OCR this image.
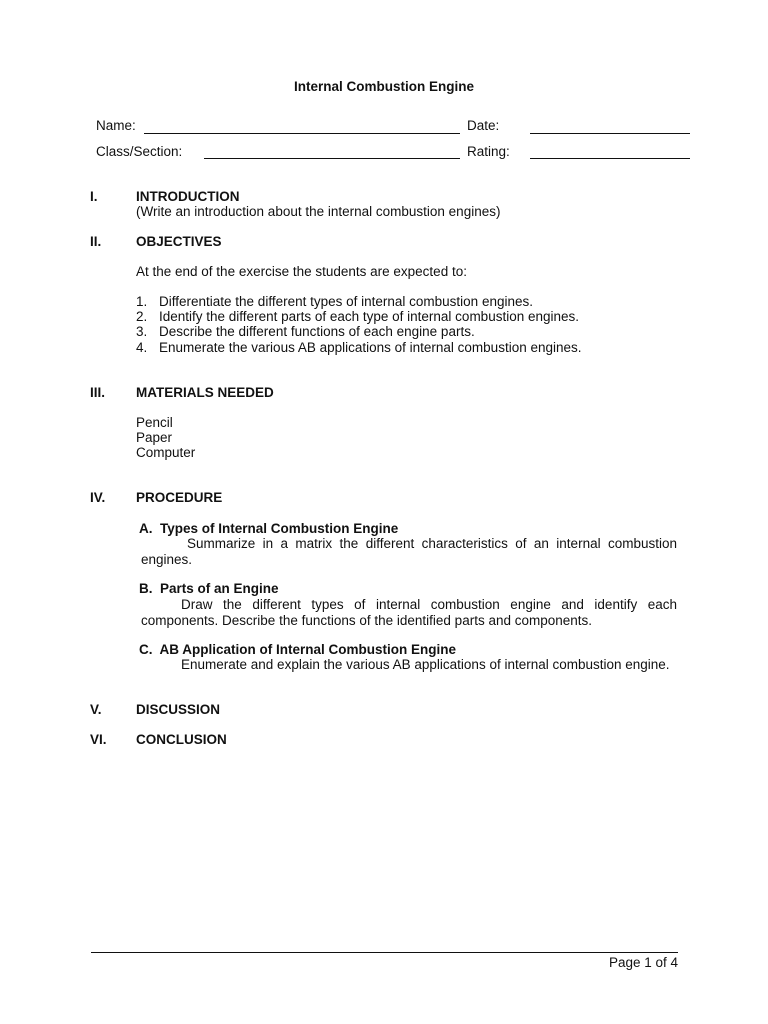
Internal Combustion Engine
Name:	Date:
Class/Section:	Rating:
I.	INTRODUCTION
(Write an introduction about the internal combustion engines)
II.	OBJECTIVES
At the end of the exercise the students are expected to:
1. Differentiate the different types of internal combustion engines.
2. Identify the different parts of each type of internal combustion engines.
3. Describe the different functions of each engine parts.
4. Enumerate the various AB applications of internal combustion engines.
III. MATERIALS NEEDED
Pencil
Paper
Computer
IV. PROCEDURE
A.  Types of Internal Combustion Engine
Summarize in a matrix the different characteristics of an internal combustion engines.
B.  Parts of an Engine
Draw the different types of internal combustion engine and identify each components. Describe the functions of the identified parts and components.
C.  AB Application of Internal Combustion Engine
Enumerate and explain the various AB applications of internal combustion engine.
V.	DISCUSSION
VI. CONCLUSION
Page 1 of 4
